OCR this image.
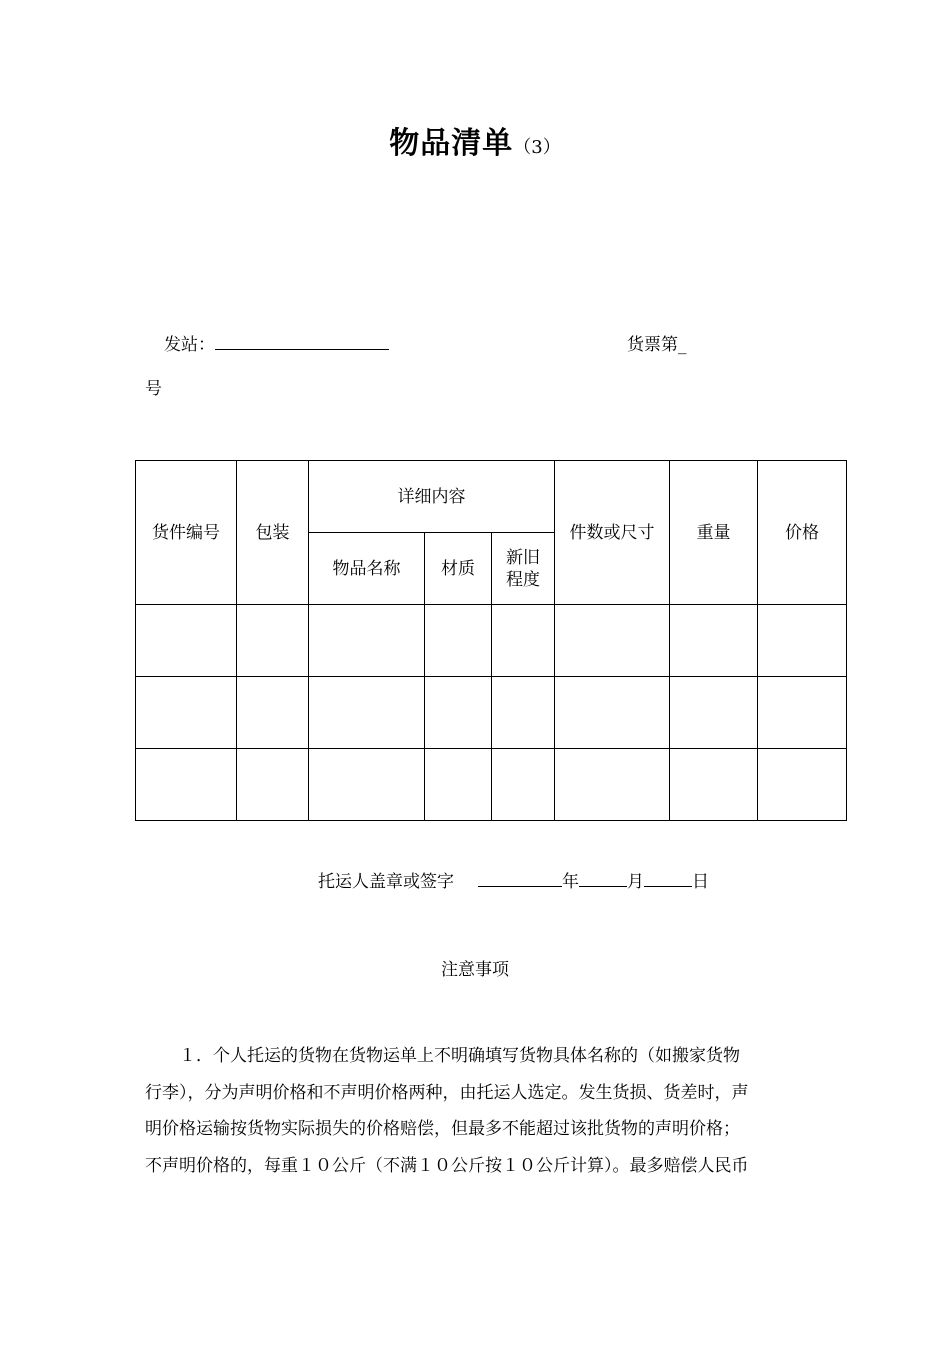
物品清单（3）
发站：	货票第_
号
货件编号	包装	详细内容			件数或尺寸	重量	价格
		物品名称	材质	新旧
程度			

托运人盖章或签字	年	月	日
注意事项
　　１．个人托运的货物在货物运单上不明确填写货物具体名称的（如搬家货物
行李），分为声明价格和不声明价格两种，由托运人选定。发生货损、货差时，声
明价格运输按货物实际损失的价格赔偿，但最多不能超过该批货物的声明价格；
不声明价格的，每重１０公斤（不满１０公斤按１０公斤计算）。最多赔偿人民币
